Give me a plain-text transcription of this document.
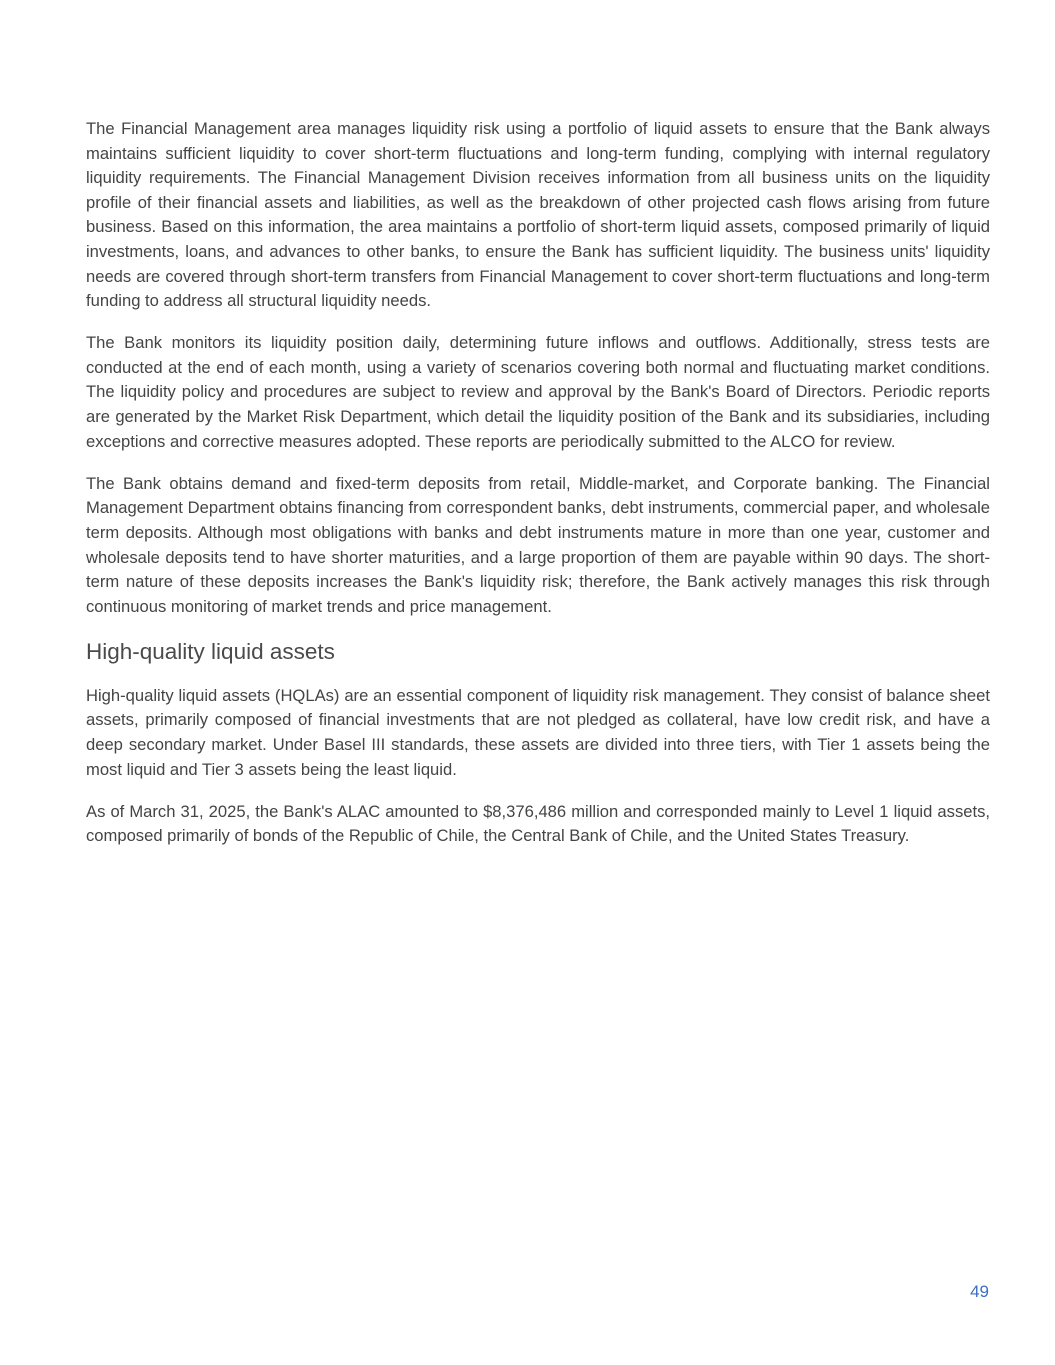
The Financial Management area manages liquidity risk using a portfolio of liquid assets to ensure that the Bank always maintains sufficient liquidity to cover short-term fluctuations and long-term funding, complying with internal regulatory liquidity requirements. The Financial Management Division receives information from all business units on the liquidity profile of their financial assets and liabilities, as well as the breakdown of other projected cash flows arising from future business. Based on this information, the area maintains a portfolio of short-term liquid assets, composed primarily of liquid investments, loans, and advances to other banks, to ensure the Bank has sufficient liquidity. The business units' liquidity needs are covered through short-term transfers from Financial Management to cover short-term fluctuations and long-term funding to address all structural liquidity needs.

The Bank monitors its liquidity position daily, determining future inflows and outflows. Additionally, stress tests are conducted at the end of each month, using a variety of scenarios covering both normal and fluctuating market conditions. The liquidity policy and procedures are subject to review and approval by the Bank's Board of Directors. Periodic reports are generated by the Market Risk Department, which detail the liquidity position of the Bank and its subsidiaries, including exceptions and corrective measures adopted. These reports are periodically submitted to the ALCO for review.

The Bank obtains demand and fixed-term deposits from retail, Middle-market, and Corporate banking. The Financial Management Department obtains financing from correspondent banks, debt instruments, commercial paper, and wholesale term deposits. Although most obligations with banks and debt instruments mature in more than one year, customer and wholesale deposits tend to have shorter maturities, and a large proportion of them are payable within 90 days. The short-term nature of these deposits increases the Bank's liquidity risk; therefore, the Bank actively manages this risk through continuous monitoring of market trends and price management.

High-quality liquid assets

High-quality liquid assets (HQLAs) are an essential component of liquidity risk management. They consist of balance sheet assets, primarily composed of financial investments that are not pledged as collateral, have low credit risk, and have a deep secondary market. Under Basel III standards, these assets are divided into three tiers, with Tier 1 assets being the most liquid and Tier 3 assets being the least liquid.

As of March 31, 2025, the Bank's ALAC amounted to $8,376,486 million and corresponded mainly to Level 1 liquid assets, composed primarily of bonds of the Republic of Chile, the Central Bank of Chile, and the United States Treasury.

49
